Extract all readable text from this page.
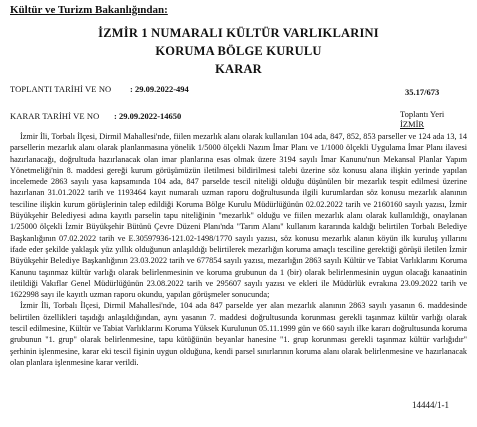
Kültür ve Turizm Bakanlığından:
İZMİR 1 NUMARALI KÜLTÜR VARLIKLARINI
KORUMA BÖLGE KURULU
KARAR
TOPLANTI TARİHİ VE NO : 29.09.2022-494	35.17/673
KARAR TARİHİ VE NO : 29.09.2022-14650	Toplantı Yeri
İZMİR

İzmir İli, Torbalı İlçesi, Dirmil Mahallesi'nde, fiilen mezarlık alanı olarak kullanılan 104 ada, 847, 852, 853 parseller ve 124 ada 13, 14 parsellerin mezarlık alanı olarak planlanmasına yönelik 1/5000 ölçekli Nazım İmar Planı ve 1/1000 ölçekli Uygulama İmar Planı ilavesi hazırlanacağı, doğrultuda hazırlanacak olan imar planlarına esas olmak üzere 3194 sayılı İmar Kanunu'nun Mekansal Planlar Yapım Yönetmeliği'nin 8. maddesi gereği kurum görüşümüzün iletilmesi bildirilmesi talebi üzerine söz konusu alana ilişkin yerinde yapılan incelemede 2863 sayılı yasa kapsamında 104 ada, 847 parselde tescil niteliği olduğu düşünülen bir mezarlık tespit edilmesi üzerine hazırlanan 31.01.2022 tarih ve 1193464 kayıt numaralı uzman raporu doğrultusunda ilgili kurumlardan söz konusu mezarlık alanının tesciline ilişkin kurum görüşlerinin talep edildiği Koruma Bölge Kurulu Müdürlüğünün 02.02.2022 tarih ve 2160160 sayılı yazısı, İzmir Büyükşehir Belediyesi adına kayıtlı parselin tapu niteliğinin "mezarlık" olduğu ve fiilen mezarlık alanı olarak kullanıldığı, onaylanan 1/25000 ölçekli İzmir Büyükşehir Bütünü Çevre Düzeni Planı'nda "Tarım Alanı" kullanım kararında kaldığı belirtilen Torbalı Belediye Başkanlığının 07.02.2022 tarih ve E.30597936-121.02-1498/1770 sayılı yazısı, söz konusu mezarlık alanın köyün ilk kuruluş yıllarını ifade eder şekilde yaklaşık yüz yıllık olduğunun anlaşıldığı belirtilerek mezarlığın koruma amaçlı tesciline gerektiği görüşü iletilen İzmir Büyükşehir Belediye Başkanlığının 23.03.2022 tarih ve 677854 sayılı yazısı, mezarlığın 2863 sayılı Kültür ve Tabiat Varlıklarını Koruma Kanunu taşınmaz kültür varlığı olarak belirlenmesinin ve koruma grubunun da 1 (bir) olarak belirlenmesinin uygun olacağı kanaatinin iletildiği Vakıflar Genel Müdürlüğünün 23.08.2022 tarih ve 295607 sayılı yazısı ve ekleri ile Müdürlük evrakına 23.09.2022 tarih ve 1622998 sayı ile kayıtlı uzman raporu okundu, yapılan görüşmeler sonucunda;

İzmir İli, Torbalı İlçesi, Dirmil Mahallesi'nde, 104 ada 847 parselde yer alan mezarlık alanının 2863 sayılı yasanın 6. maddesinde belirtilen özellikleri taşıdığı anlaşıldığından, aynı yasanın 7. maddesi doğrultusunda korunması gerekli taşınmaz kültür varlığı olarak tescil edilmesine, Kültür ve Tabiat Varlıklarını Koruma Yüksek Kurulunun 05.11.1999 gün ve 660 sayılı ilke kararı doğrultusunda koruma grubunun "1. grup" olarak belirlenmesine, tapu kütüğünün beyanlar hanesine "1. grup korunması gerekli taşınmaz kültür varlığıdır" şerhinin işlenmesine, karar eki tescil fişinin uygun olduğuna, kendi parsel sınırlarının koruma alanı olarak belirlenmesine ve hazırlanacak olan planlara işlenmesine karar verildi.

14444/1-1
